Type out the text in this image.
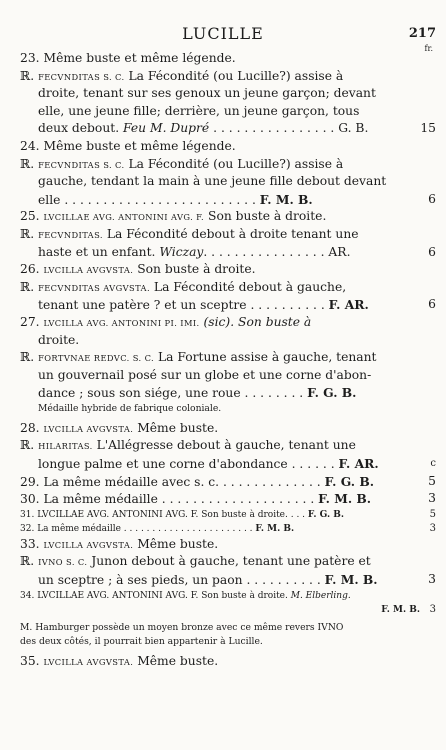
LUCILLE	217
fr.
23. Même buste et même légende.
ℝ. FECVNDITAS S. C. La Fécondité (ou Lucille?) assise à
droite, tenant sur ses genoux un jeune garçon; devant
elle, une jeune fille; derrière, un jeune garçon, tous
deux debout. Feu M. Dupré . . . . . . . . . . . . . . . . G. B.	15
24. Même buste et même légende.
ℝ. FECVNDITAS S. C. La Fécondité (ou Lucille?) assise à
gauche, tendant la main à une jeune fille debout devant
elle . . . . . . . . . . . . . . . . . . . . . . . . . F. M. B.	6
25. LVCILLAE AVG. ANTONINI AVG. F. Son buste à droite.
ℝ. FECVNDITAS. La Fécondité debout à droite tenant une
haste et un enfant. Wiczay. . . . . . . . . . . . . . . . AR.	6
26. LVCILLA AVGVSTA. Son buste à droite.
ℝ. FECVNDITAS AVGVSTA. La Fécondité debout à gauche,
tenant une patère ? et un sceptre . . . . . . . . . . F. AR.	6
27. LVCILLA AVG. ANTONINI PI. IMI. (sic). Son buste à
droite.
ℝ. FORTVNAE REDVC. S. C. La Fortune assise à gauche, tenant
un gouvernail posé sur un globe et une corne d'abon-
dance ; sous son siége, une roue . . . . . . . . F. G. B.
Médaille hybride de fabrique coloniale.
28. LVCILLA AVGVSTA. Même buste.
ℝ. HILARITAS. L'Allégresse debout à gauche, tenant une
longue palme et une corne d'abondance . . . . . . F. AR.	c
29. La même médaille avec s. c. . . . . . . . . . . . . . F. G. B.	5
30. La même médaille . . . . . . . . . . . . . . . . . . . . F. M. B.	3
31. LVCILLAE AVG. ANTONINI AVG. F. Son buste à droite. . . . F. G. B.	5
32. La même médaille . . . . . . . . . . . . . . . . . . . . . . . F. M. B.	3
33. LVCILLA AVGVSTA. Même buste.
ℝ. IVNO S. C. Junon debout à gauche, tenant une patère et
un sceptre ; à ses pieds, un paon . . . . . . . . . . F. M. B.	3
34. LVCILLAE AVG. ANTONINI AVG. F. Son buste à droite. M. Elberling.
F. M. B. 3
M. Hamburger possède un moyen bronze avec ce même revers IVNO
des deux côtés, il pourrait bien appartenir à Lucille.
35. LVCILLA AVGVSTA. Même buste.
